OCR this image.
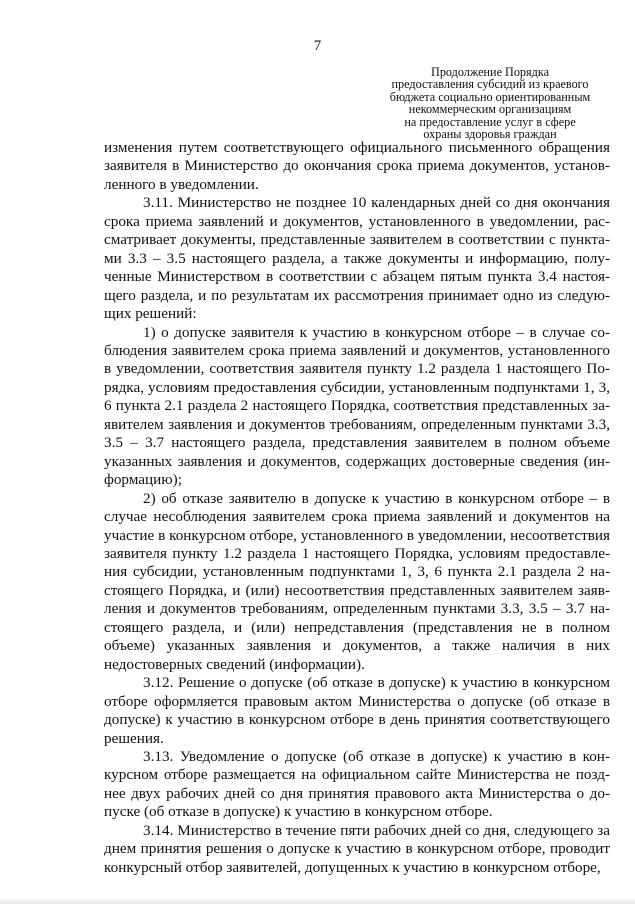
7
Продолжение Порядка
предоставления субсидий из краевого
бюджета социально ориентированным
некоммерческим организациям
на предоставление услуг в сфере
охраны здоровья граждан

изменения путем соответствующего официального письменного обращения заявителя в Министерство до окончания срока приема документов, установленного в уведомлении.

3.11. Министерство не позднее 10 календарных дней со дня окончания срока приема заявлений и документов, установленного в уведомлении, рассматривает документы, представленные заявителем в соответствии с пунктами 3.3 – 3.5 настоящего раздела, а также документы и информацию, полученные Министерством в соответствии с абзацем пятым пункта 3.4 настоящего раздела, и по результатам их рассмотрения принимает одно из следующих решений:

1) о допуске заявителя к участию в конкурсном отборе – в случае соблюдения заявителем срока приема заявлений и документов, установленного в уведомлении, соответствия заявителя пункту 1.2 раздела 1 настоящего Порядка, условиям предоставления субсидии, установленным подпунктами 1, 3, 6 пункта 2.1 раздела 2 настоящего Порядка, соответствия представленных заявителем заявления и документов требованиям, определенным пунктами 3.3, 3.5 – 3.7 настоящего раздела, представления заявителем в полном объеме указанных заявления и документов, содержащих достоверные сведения (информацию);

2) об отказе заявителю в допуске к участию в конкурсном отборе – в случае несоблюдения заявителем срока приема заявлений и документов на участие в конкурсном отборе, установленного в уведомлении, несоответствия заявителя пункту 1.2 раздела 1 настоящего Порядка, условиям предоставления субсидии, установленным подпунктами 1, 3, 6 пункта 2.1 раздела 2 настоящего Порядка, и (или) несоответствия представленных заявителем заявления и документов требованиям, определенным пунктами 3.3, 3.5 – 3.7 настоящего раздела, и (или) непредставления (представления не в полном объеме) указанных заявления и документов, а также наличия в них недостоверных сведений (информации).

3.12. Решение о допуске (об отказе в допуске) к участию в конкурсном отборе оформляется правовым актом Министерства о допуске (об отказе в допуске) к участию в конкурсном отборе в день принятия соответствующего решения.

3.13. Уведомление о допуске (об отказе в допуске) к участию в конкурсном отборе размещается на официальном сайте Министерства не позднее двух рабочих дней со дня принятия правового акта Министерства о допуске (об отказе в допуске) к участию в конкурсном отборе.

3.14. Министерство в течение пяти рабочих дней со дня, следующего за днем принятия решения о допуске к участию в конкурсном отборе, проводит конкурсный отбор заявителей, допущенных к участию в конкурсном отборе,
